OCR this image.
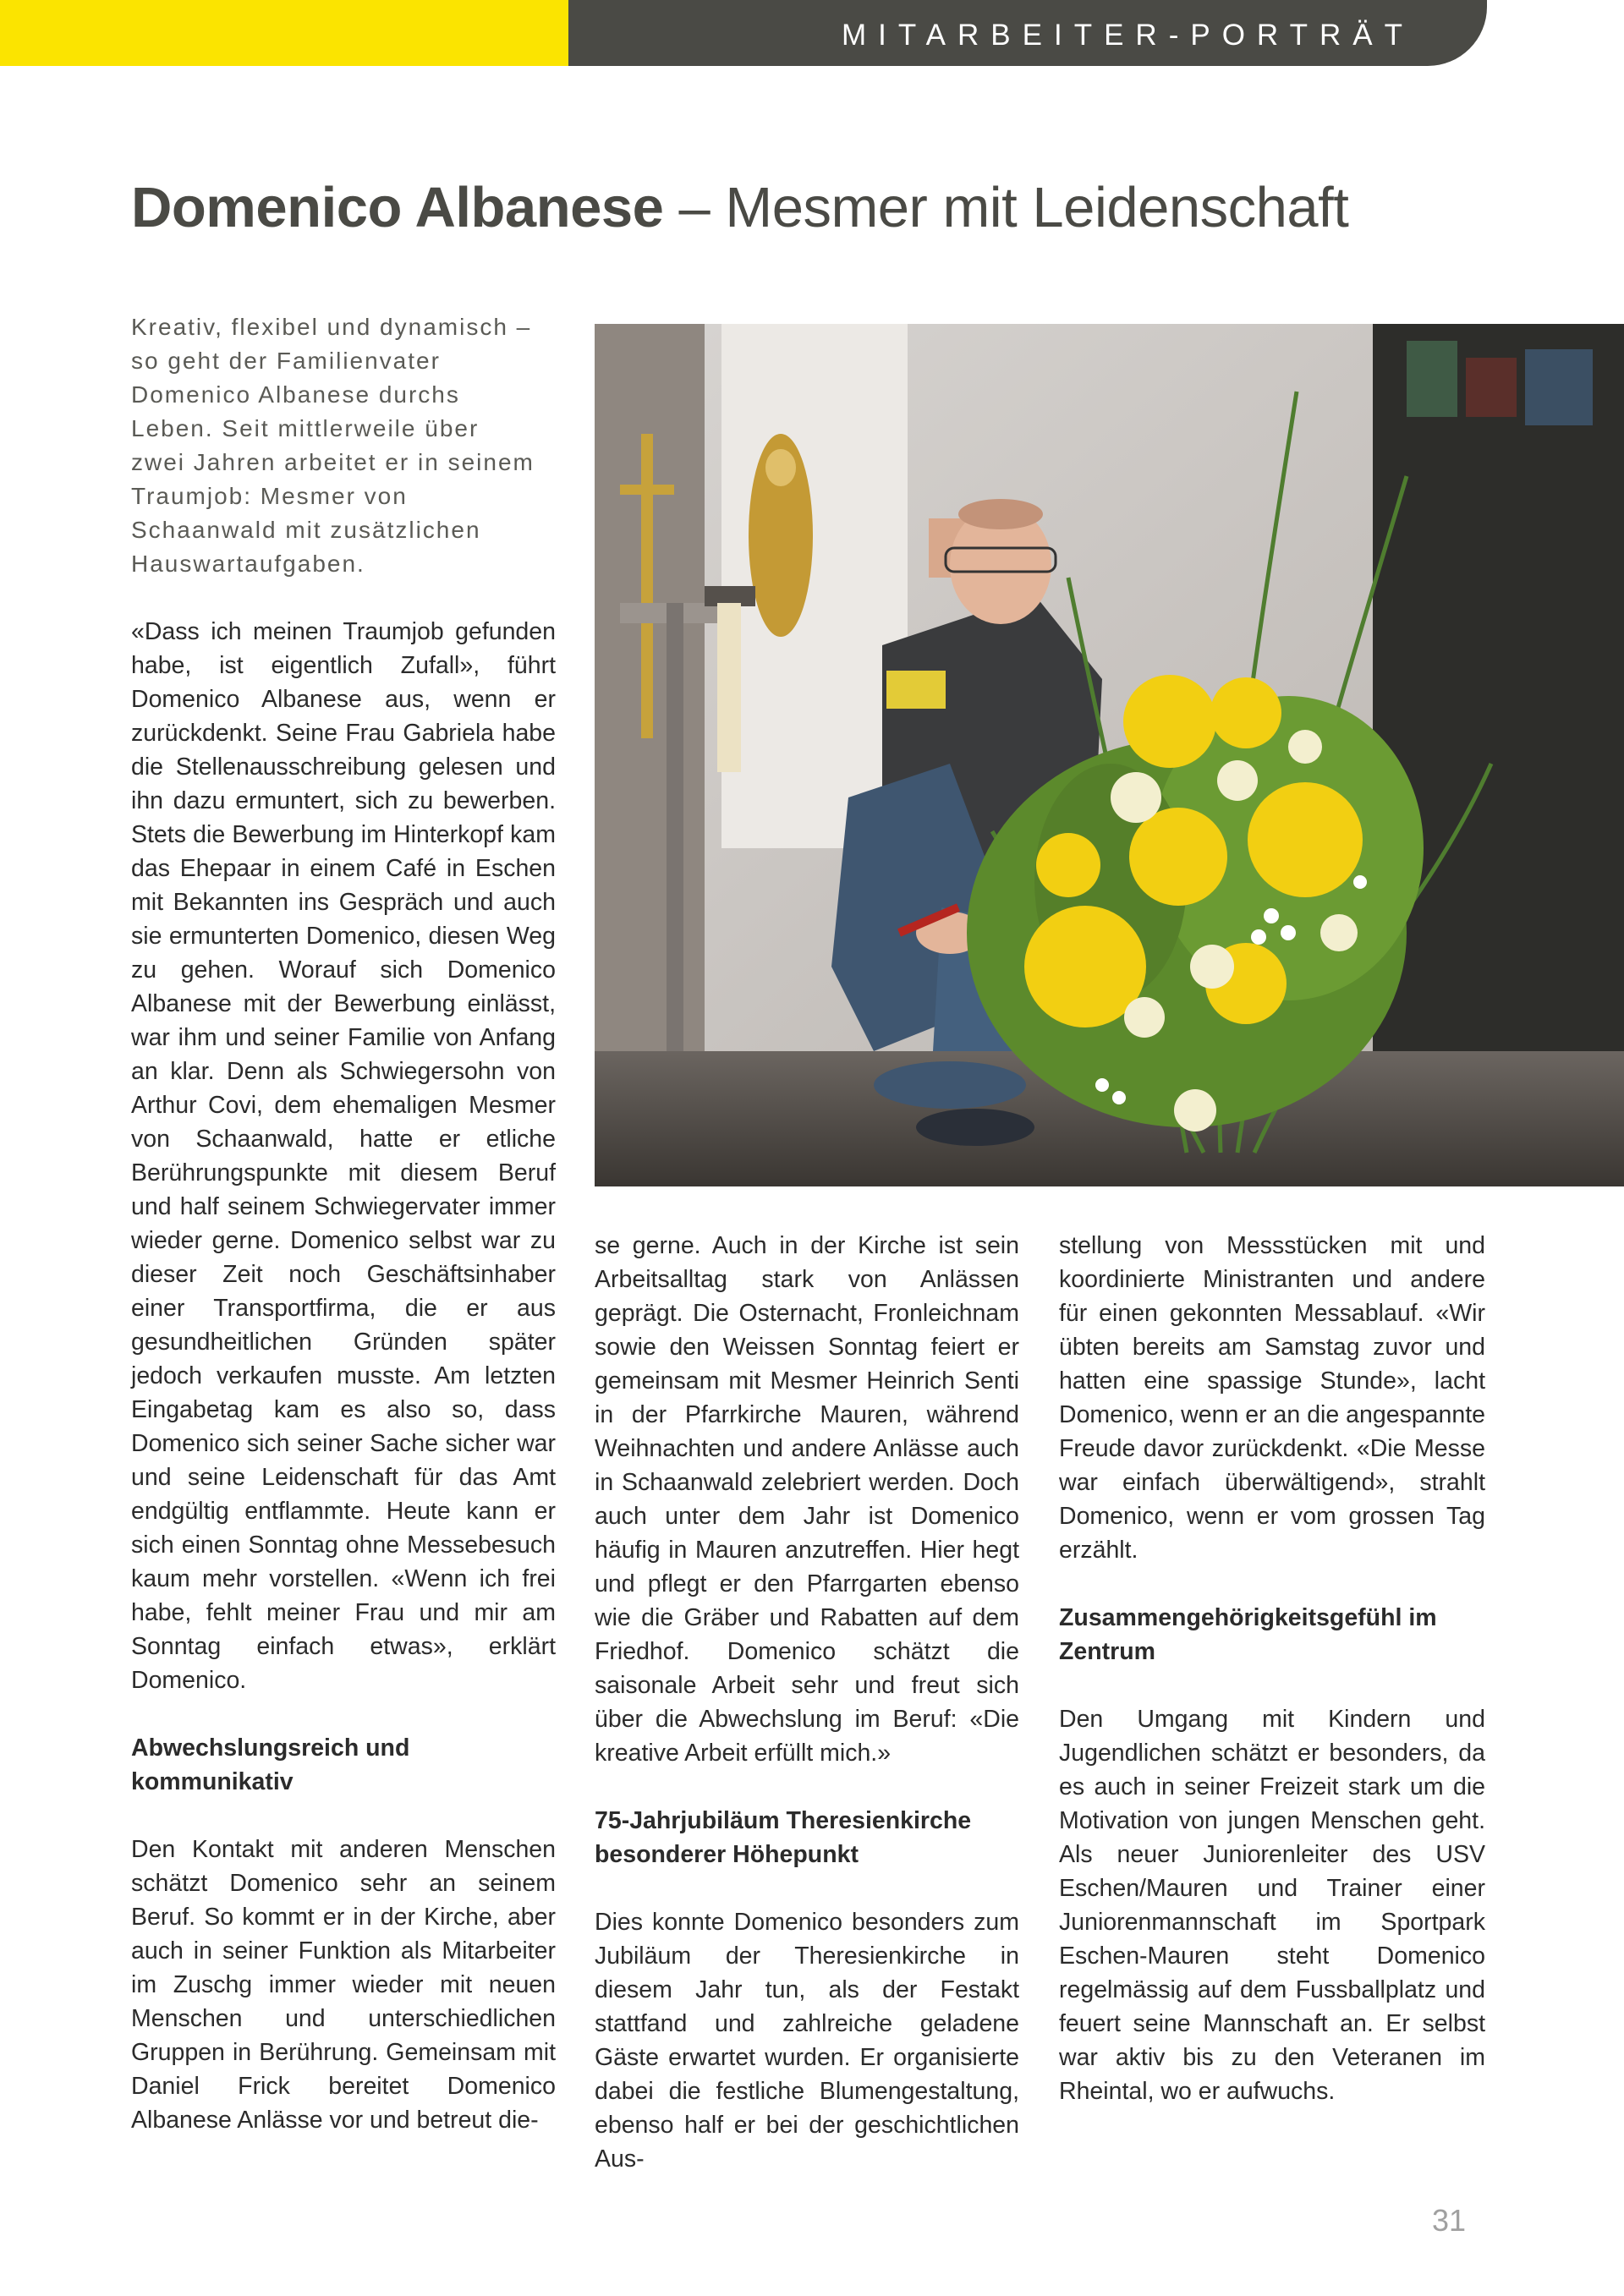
MITARBEITER-PORTRÄT
Domenico Albanese – Mesmer mit Leidenschaft
Kreativ, flexibel und dynamisch – so geht der Familienvater Domenico Albanese durchs Leben. Seit mittlerweile über zwei Jahren arbeitet er in seinem Traumjob: Mesmer von Schaanwald mit zusätzlichen Hauswartaufgaben.

«Dass ich meinen Traumjob gefunden habe, ist eigentlich Zufall», führt Domenico Albanese aus, wenn er zurückdenkt. Seine Frau Gabriela habe die Stellenausschreibung gelesen und ihn dazu ermuntert, sich zu bewerben. Stets die Bewerbung im Hinterkopf kam das Ehepaar in einem Café in Eschen mit Bekannten ins Gespräch und auch sie ermunterten Domenico, diesen Weg zu gehen. Worauf sich Domenico Albanese mit der Bewerbung einlässt, war ihm und seiner Familie von Anfang an klar. Denn als Schwiegersohn von Arthur Covi, dem ehemaligen Mesmer von Schaanwald, hatte er etliche Berührungspunkte mit diesem Beruf und half seinem Schwiegervater immer wieder gerne. Domenico selbst war zu dieser Zeit noch Geschäftsinhaber einer Transportfirma, die er aus gesundheitlichen Gründen später jedoch verkaufen musste. Am letzten Eingabetag kam es also so, dass Domenico sich seiner Sache sicher war und seine Leidenschaft für das Amt endgültig entflammte. Heute kann er sich einen Sonntag ohne Messebesuch kaum mehr vorstellen. «Wenn ich frei habe, fehlt meiner Frau und mir am Sonntag einfach etwas», erklärt Domenico.

Abwechslungsreich und kommunikativ

Den Kontakt mit anderen Menschen schätzt Domenico sehr an seinem Beruf. So kommt er in der Kirche, aber auch in seiner Funktion als Mitarbeiter im Zuschg immer wieder mit neuen Menschen und unterschiedlichen Gruppen in Berührung. Gemeinsam mit Daniel Frick bereitet Domenico Albanese Anlässe vor und betreut die-

se gerne. Auch in der Kirche ist sein Arbeitsalltag stark von Anlässen geprägt. Die Osternacht, Fronleichnam sowie den Weissen Sonntag feiert er gemeinsam mit Mesmer Heinrich Senti in der Pfarrkirche Mauren, während Weihnachten und andere Anlässe auch in Schaanwald zelebriert werden. Doch auch unter dem Jahr ist Domenico häufig in Mauren anzutreffen. Hier hegt und pflegt er den Pfarrgarten ebenso wie die Gräber und Rabatten auf dem Friedhof. Domenico schätzt die saisonale Arbeit sehr und freut sich über die Abwechslung im Beruf: «Die kreative Arbeit erfüllt mich.»

75-Jahrjubiläum Theresienkirche besonderer Höhepunkt

Dies konnte Domenico besonders zum Jubiläum der Theresienkirche in diesem Jahr tun, als der Festakt stattfand und zahlreiche geladene Gäste erwartet wurden. Er organisierte dabei die festliche Blumengestaltung, ebenso half er bei der geschichtlichen Aus-

stellung von Messstücken mit und koordinierte Ministranten und andere für einen gekonnten Messablauf. «Wir übten bereits am Samstag zuvor und hatten eine spassige Stunde», lacht Domenico, wenn er an die angespannte Freude davor zurückdenkt. «Die Messe war einfach überwältigend», strahlt Domenico, wenn er vom grossen Tag erzählt.

Zusammengehörigkeitsgefühl im Zentrum

Den Umgang mit Kindern und Jugendlichen schätzt er besonders, da es auch in seiner Freizeit stark um die Motivation von jungen Menschen geht. Als neuer Juniorenleiter des USV Eschen/Mauren und Trainer einer Juniorenmannschaft im Sportpark Eschen-Mauren steht Domenico regelmässig auf dem Fussballplatz und feuert seine Mannschaft an. Er selbst war aktiv bis zu den Veteranen im Rheintal, wo er aufwuchs.

31
